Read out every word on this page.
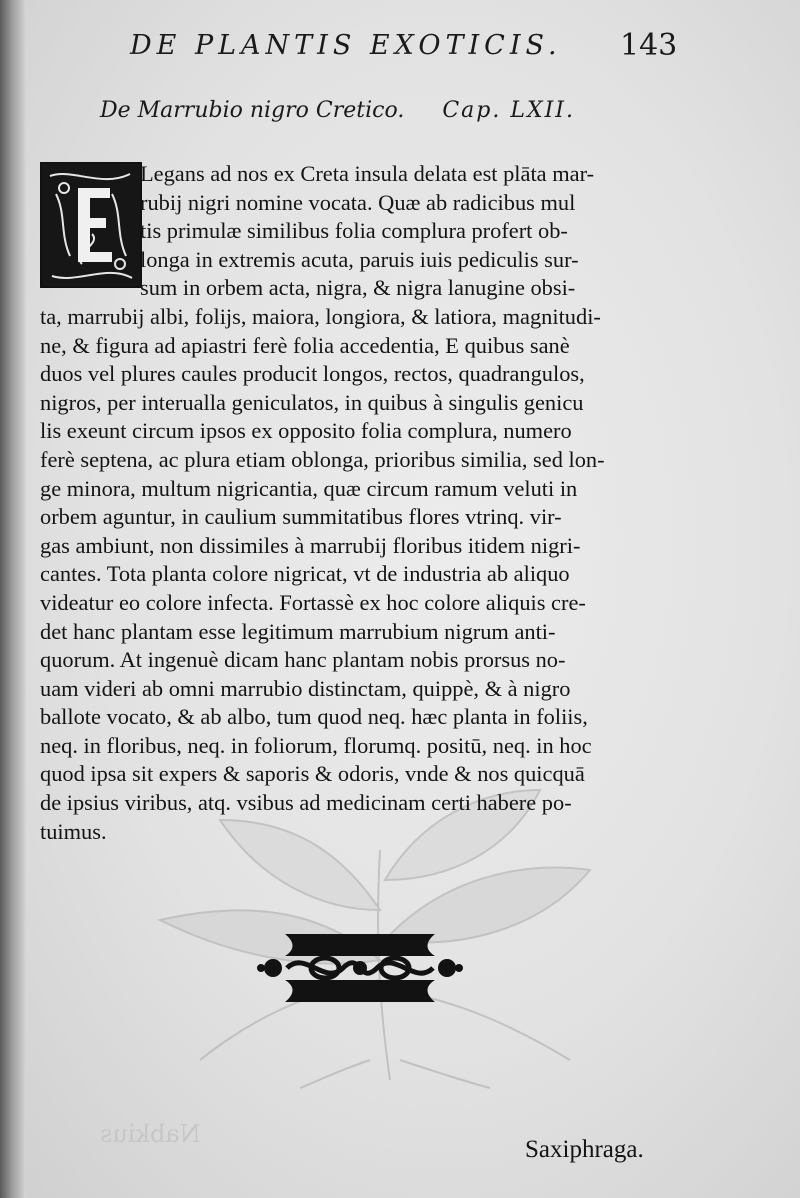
DE PLANTIS EXOTICIS. 143
De Marrubio nigro Cretico. Cap. LXII.
Legans ad nos ex Creta insula delata est plāta mar-
rubij nigri nomine vocata. Quæ ab radicibus mul
tis primulæ similibus folia complura profert ob-
longa in extremis acuta, paruis iuis pediculis sur-
sum in orbem acta, nigra, & nigra lanugine obsi-
ta, marrubij albi, folijs, maiora, longiora, & latiora, magnitudi-
ne, & figura ad apiastri ferè folia accedentia, E quibus sanè
duos vel plures caules producit longos, rectos, quadrangulos,
nigros, per interualla geniculatos, in quibus à singulis genicu
lis exeunt circum ipsos ex opposito folia complura, numero
ferè septena, ac plura etiam oblonga, prioribus similia, sed lon-
ge minora, multum nigricantia, quæ circum ramum veluti in
orbem aguntur, in caulium summitatibus flores vtrinq. vir-
gas ambiunt, non dissimiles à marrubij floribus itidem nigri-
cantes. Tota planta colore nigricat, vt de industria ab aliquo
videatur eo colore infecta. Fortassè ex hoc colore aliquis cre-
det hanc plantam esse legitimum marrubium nigrum anti-
quorum. At ingenuè dicam hanc plantam nobis prorsus no-
uam videri ab omni marrubio distinctam, quippè, & à nigro
ballote vocato, & ab albo, tum quod neq. hæc planta in foliis,
neq. in floribus, neq. in foliorum, florumq. positū, neq. in hoc
quod ipsa sit expers & saporis & odoris, vnde & nos quicquā
de ipsius viribus, atq. vsibus ad medicinam certi habere po-
tuimus.
Nabkius
Saxiphraga.
